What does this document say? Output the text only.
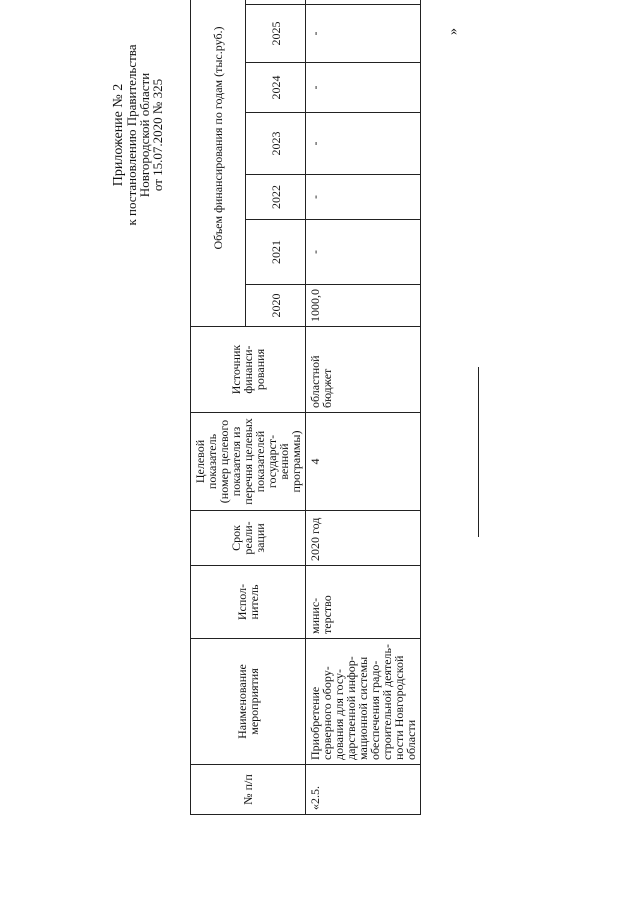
Приложение № 2
к постановлению Правительства
Новгородской области
от 15.07.2020 № 325
»
№ п/п	Наименование мероприятия	Испол-нитель	Срок реали-зации	Целевой показатель (номер целевого показателя из перечня целевых показателей государст-венной программы)	Источник финанси-рования	Объем финансирования по годам (тыс.руб.)						
						2020	2021	2022	2023	2024	2025	
«2.5.	Приобретение серверного обору-дования для госу-дарственной инфор-мационной системы обеспечения градо-строительной деятель-ности Новгородской области	минис-терство	2020 год	4	областной бюджет	1000,0	-	-	-	-	-	
